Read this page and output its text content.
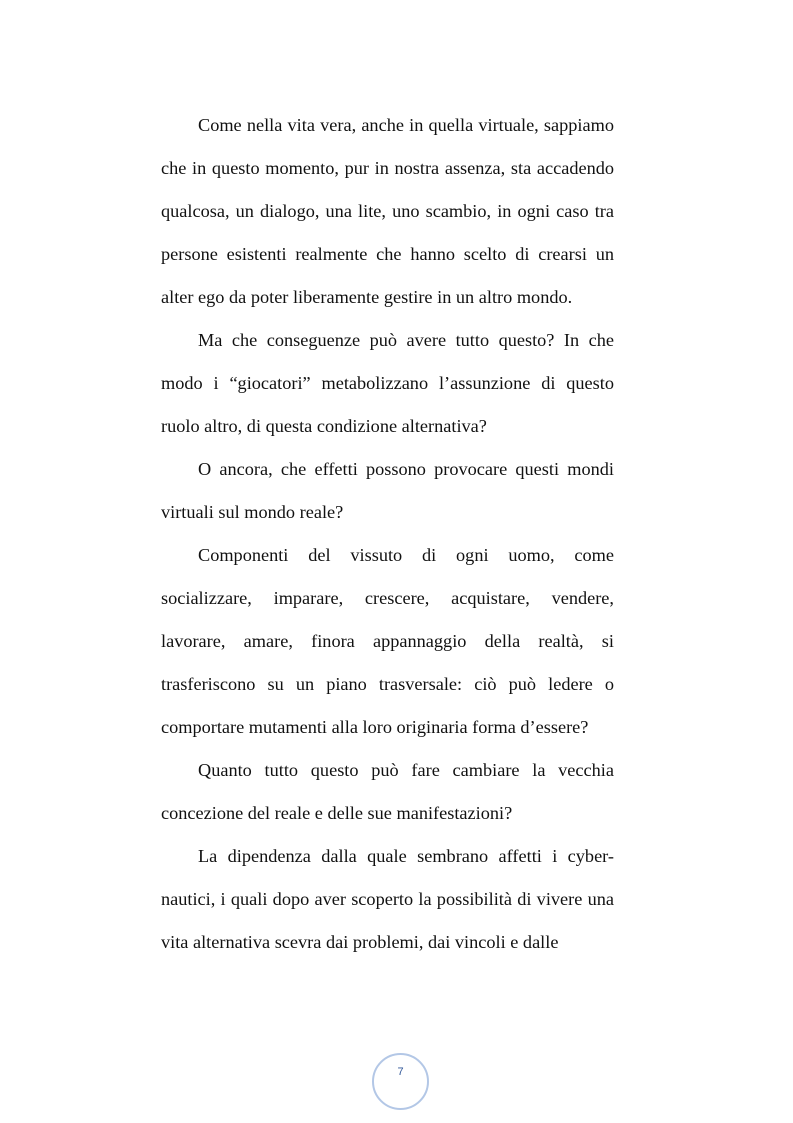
Come nella vita vera, anche in quella virtuale, sappiamo che in questo momento, pur in nostra assenza, sta accadendo qualcosa, un dialogo, una lite, uno scambio, in ogni caso tra persone esistenti realmente che hanno scelto di crearsi un alter ego da poter liberamente gestire in un altro mondo.

Ma che conseguenze può avere tutto questo? In che modo i “giocatori” metabolizzano l’assunzione di questo ruolo altro, di questa condizione alternativa?

O ancora, che effetti possono provocare questi mondi virtuali sul mondo reale?

Componenti del vissuto di ogni uomo, come socializzare, imparare, crescere, acquistare, vendere, lavorare, amare, finora appannaggio della realtà, si trasferiscono su un piano trasversale: ciò può ledere o comportare mutamenti alla loro originaria forma d’essere?

Quanto tutto questo può fare cambiare la vecchia concezione del reale e delle sue manifestazioni?

La dipendenza dalla quale sembrano affetti i cyber-nautici, i quali dopo aver scoperto la possibilità di vivere una vita alternativa scevra dai problemi, dai vincoli e dalle

7
